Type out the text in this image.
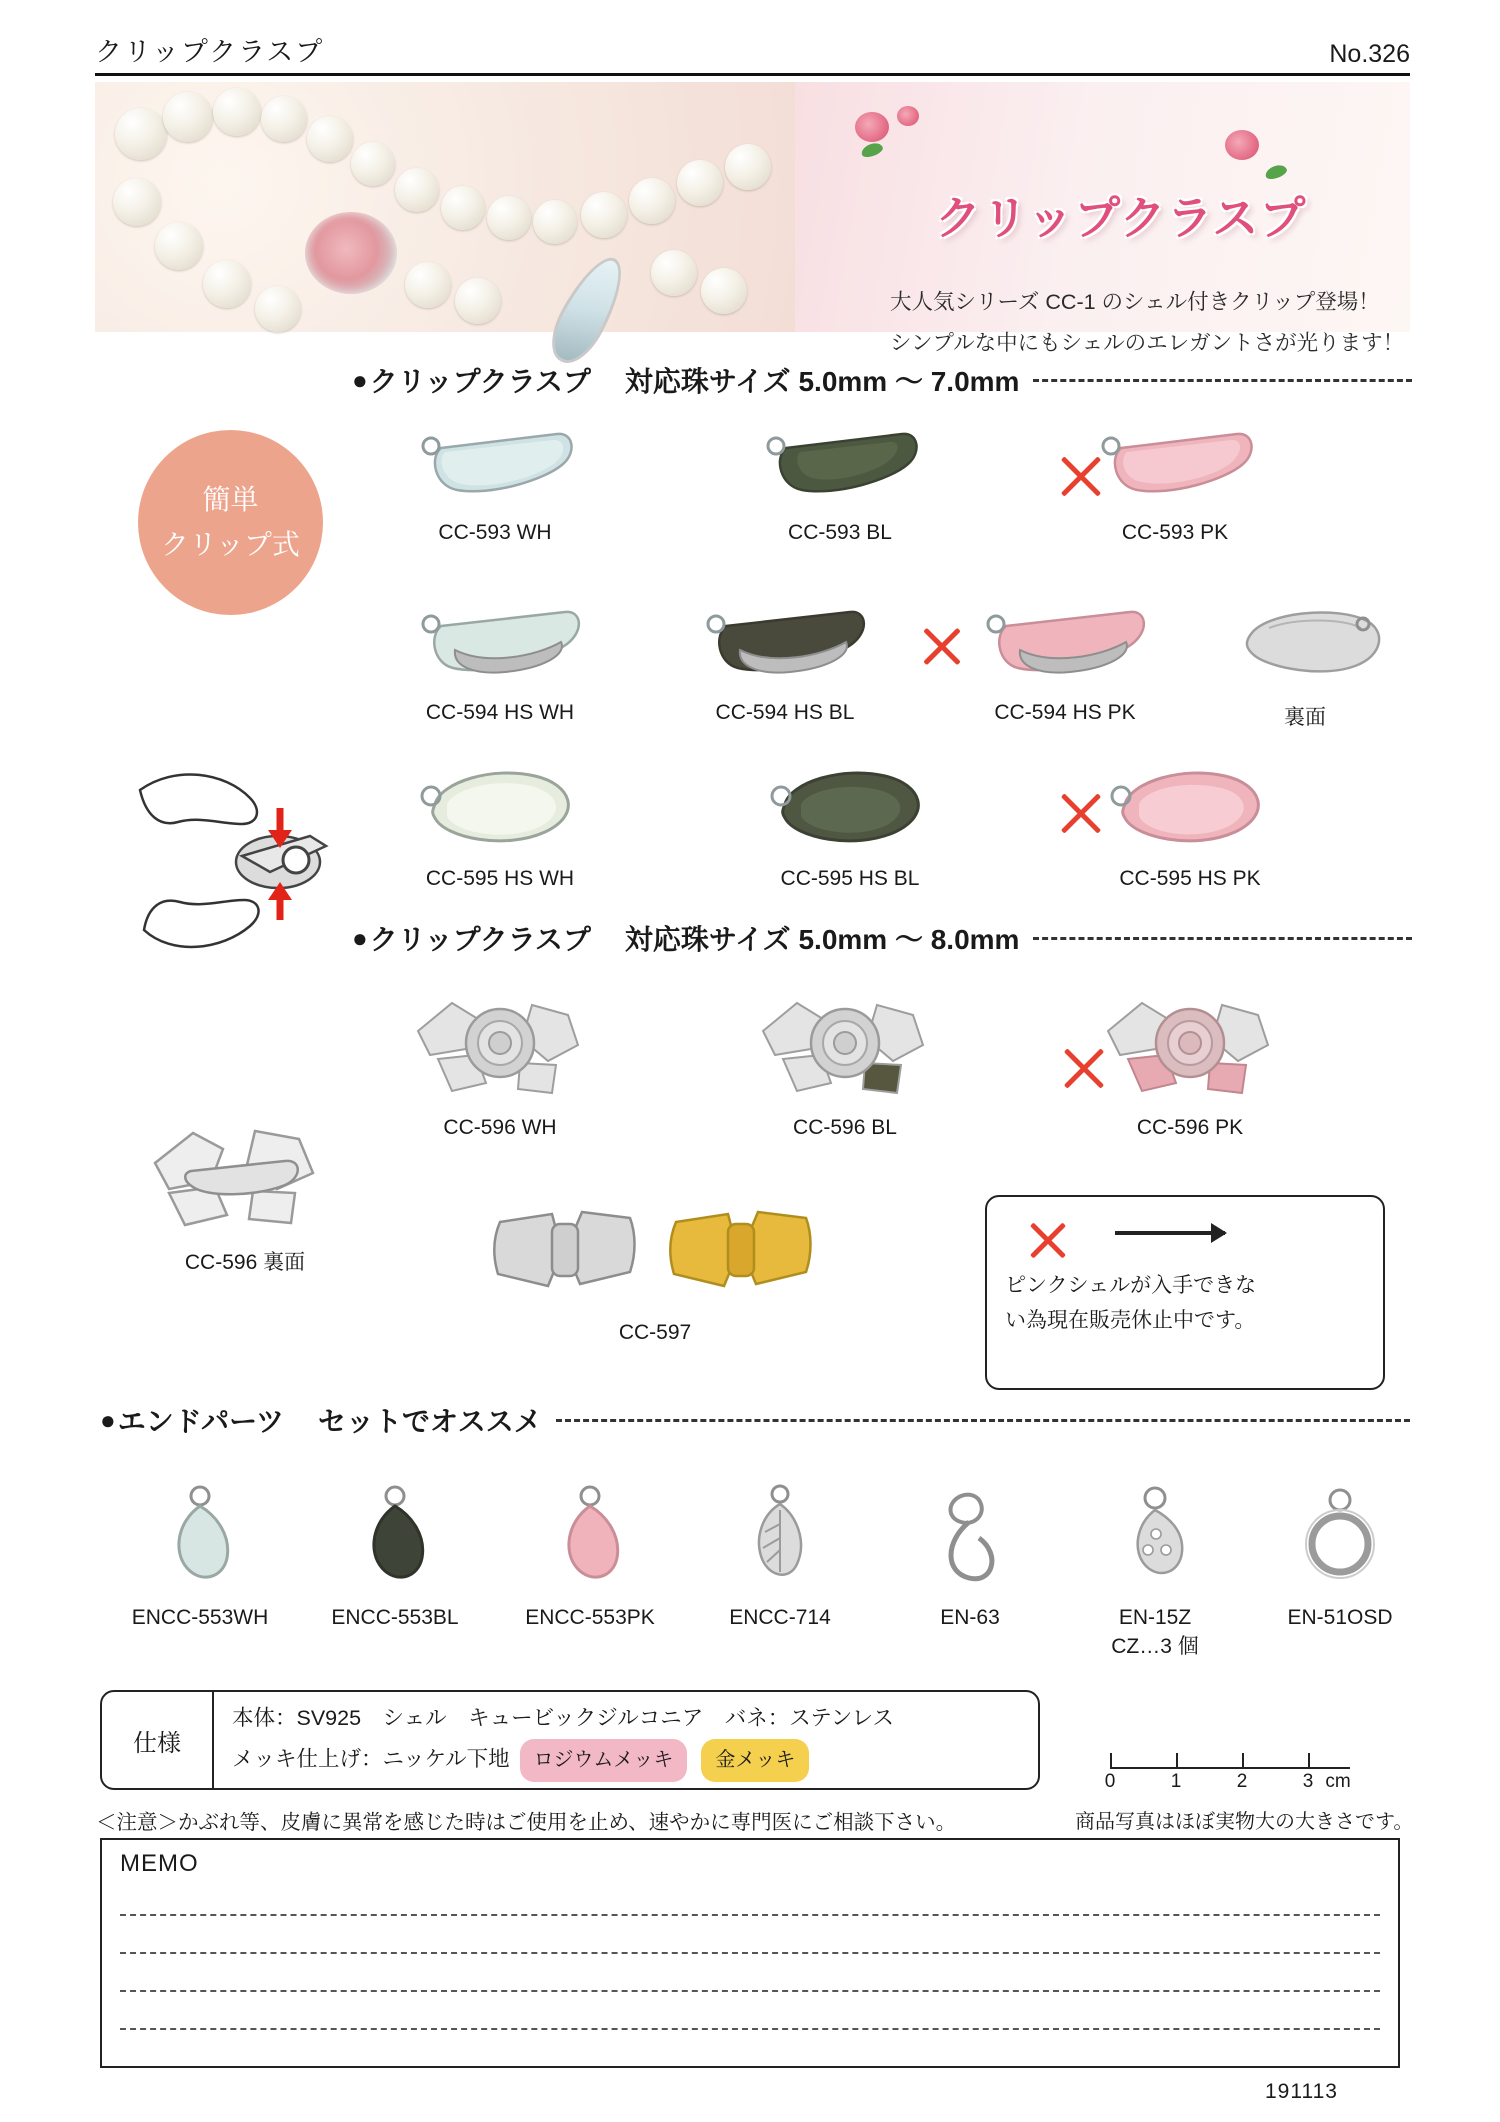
クリップクラスプ	No.326
クリップクラスプ
大人気シリーズ CC-1 のシェル付きクリップ登場！
シンプルな中にもシェルのエレガントさが光ります！
● クリップクラスプ 対応珠サイズ 5.0mm 〜 7.0mm
簡単
クリップ式	CC-593 WH	CC-593 BL	CC-593 PK
CC-594 HS WH	CC-594 HS BL	CC-594 HS PK	裏面
CC-595 HS WH	CC-595 HS BL	CC-595 HS PK
● クリップクラスプ 対応珠サイズ 5.0mm 〜 8.0mm
CC-596 WH	CC-596 BL	CC-596 PK
CC-596 裏面
CC-597
ピンクシェルが入手できな
い為現在販売休止中です。
● エンドパーツ セットでオススメ
ENCC-553WH	ENCC-553BL	ENCC-553PK	ENCC-714	EN-63	EN-15Z
CZ…3 個
EN-51OSD
仕様
本体：SV925　シェル　キュービックジルコニア　バネ：ステンレス
メッキ仕上げ：ニッケル下地 ロジウムメッキ 金メッキ
0	1	2	3 cm
＜注意＞かぶれ等、皮膚に異常を感じた時はご使用を止め、速やかに専門医にご相談下さい。	商品写真はほぼ実物大の大きさです。
MEMO
191113
